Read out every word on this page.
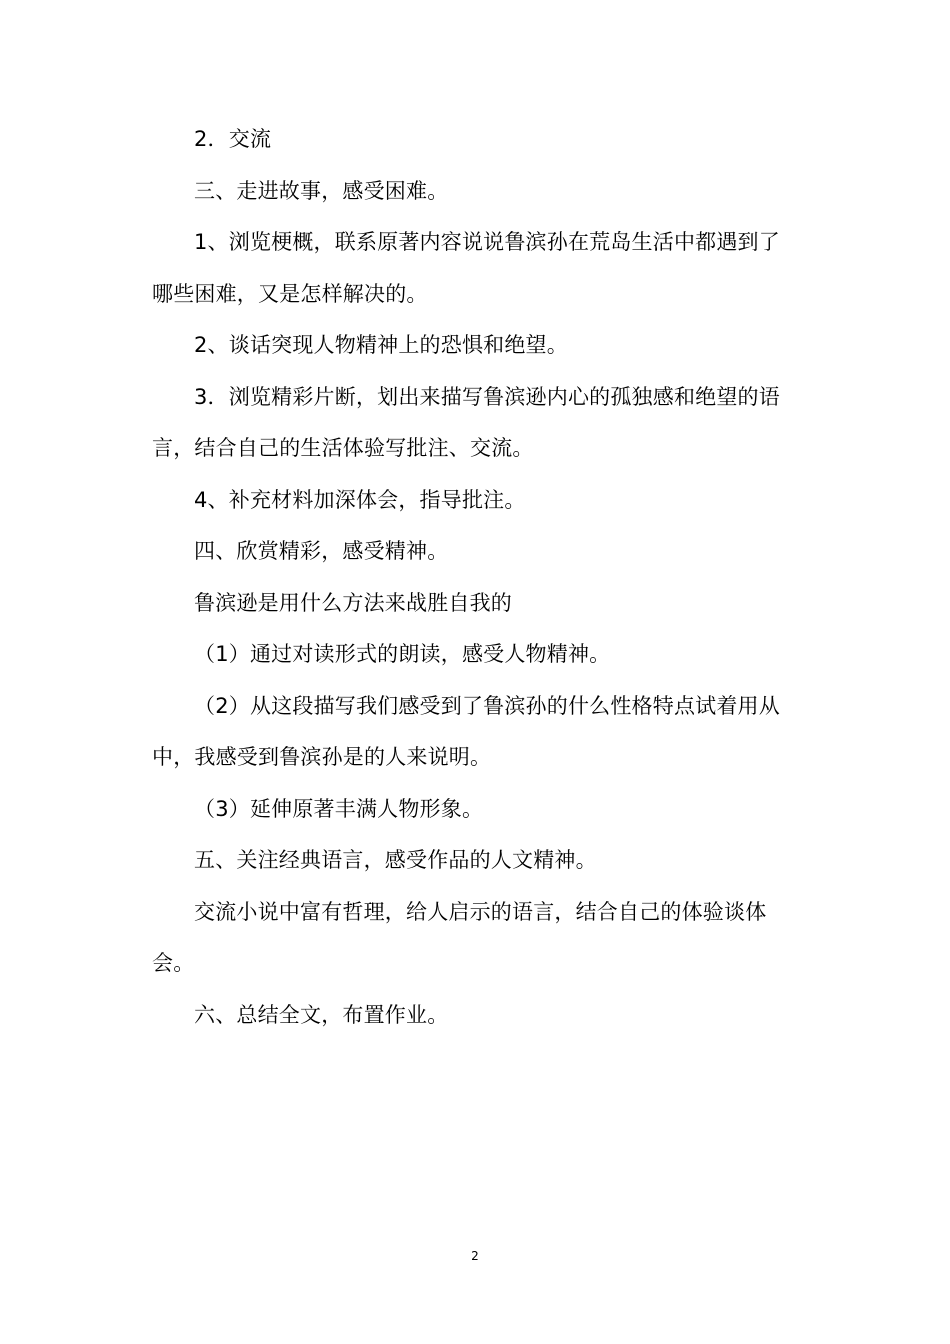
2．交流

三、走进故事，感受困难。

1、浏览梗概，联系原著内容说说鲁滨孙在荒岛生活中都遇到了哪些困难，又是怎样解决的。

2、谈话突现人物精神上的恐惧和绝望。

3．浏览精彩片断，划出来描写鲁滨逊内心的孤独感和绝望的语言，结合自己的生活体验写批注、交流。

4、补充材料加深体会，指导批注。

四、欣赏精彩，感受精神。

鲁滨逊是用什么方法来战胜自我的

（1）通过对读形式的朗读，感受人物精神。

（2）从这段描写我们感受到了鲁滨孙的什么性格特点试着用从中，我感受到鲁滨孙是的人来说明。

（3）延伸原著丰满人物形象。

五、关注经典语言，感受作品的人文精神。

交流小说中富有哲理，给人启示的语言，结合自己的体验谈体会。

六、总结全文，布置作业。

2
